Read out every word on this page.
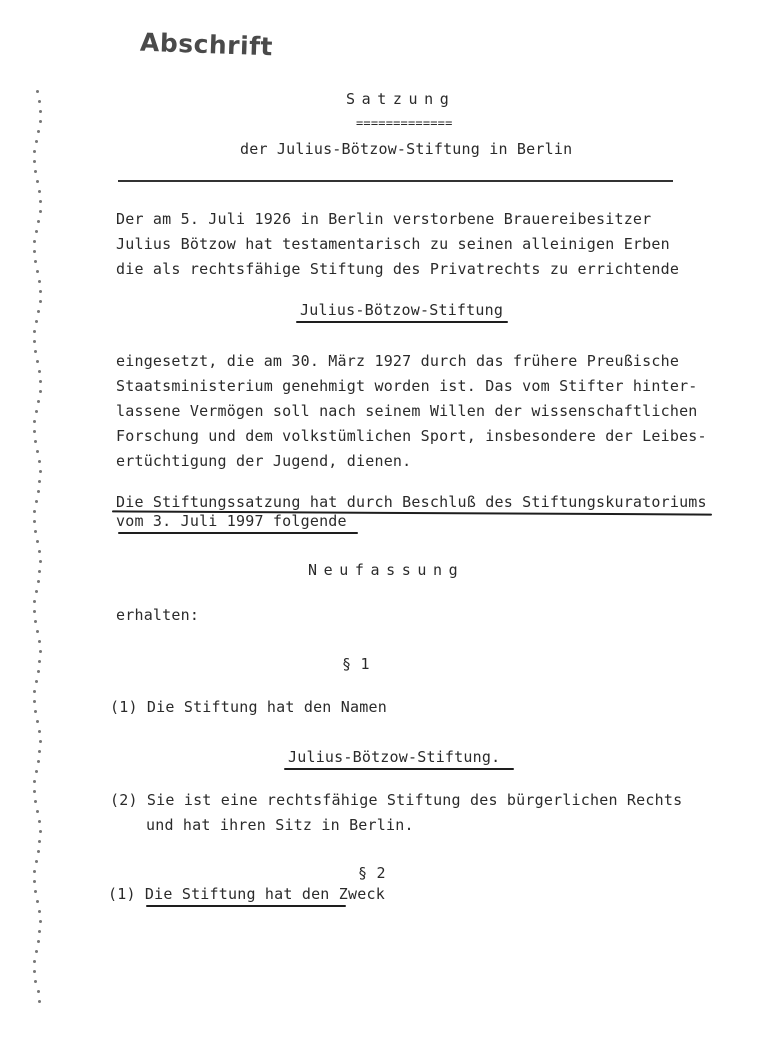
Abschrift
Satzung
=============
der Julius-Bötzow-Stiftung in Berlin
Der am 5. Juli 1926 in Berlin verstorbene Brauereibesitzer
Julius Bötzow hat testamentarisch zu seinen alleinigen Erben
die als rechtsfähige Stiftung des Privatrechts zu errichtende
Julius-Bötzow-Stiftung
eingesetzt, die am 30. März 1927 durch das frühere Preußische
Staatsministerium genehmigt worden ist. Das vom Stifter hinter-
lassene Vermögen soll nach seinem Willen der wissenschaftlichen
Forschung und dem volkstümlichen Sport, insbesondere der Leibes-
ertüchtigung der Jugend, dienen.
Die Stiftungssatzung hat durch Beschluß des Stiftungskuratoriums
vom 3. Juli 1997 folgende
Neufassung
erhalten:
§ 1
(1) Die Stiftung hat den Namen
Julius-Bötzow-Stiftung.
(2) Sie ist eine rechtsfähige Stiftung des bürgerlichen Rechts
und hat ihren Sitz in Berlin.
§ 2
(1) Die Stiftung hat den Zweck
